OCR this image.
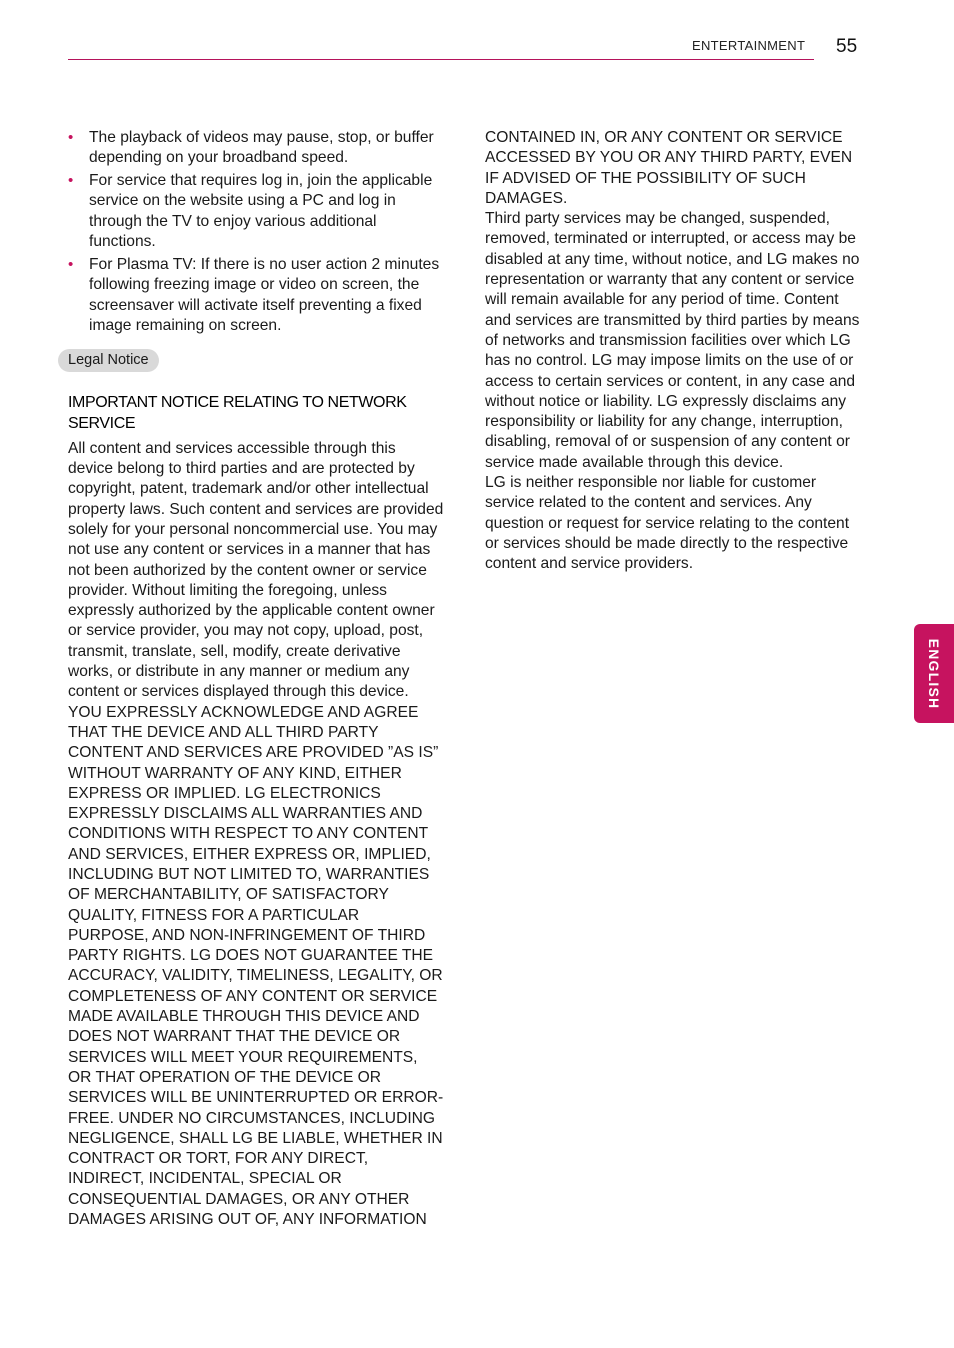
ENTERTAINMENT 55
• The playback of videos may pause, stop, or buffer depending on your broadband speed.
• For service that requires log in, join the applicable service on the website using a PC and log in through the TV to enjoy various additional functions.
• For Plasma TV: If there is no user action 2 minutes following freezing image or video on screen, the screensaver will activate itself preventing a fixed image remaining on screen.
Legal Notice
IMPORTANT NOTICE RELATING TO NETWORK SERVICE

All content and services accessible through this device belong to third parties and are protected by copyright, patent, trademark and/or other intellectual property laws. Such content and services are provided solely for your personal noncommercial use. You may not use any content or services in a manner that has not been authorized by the content owner or service provider. Without limiting the foregoing, unless expressly authorized by the applicable content owner or service provider, you may not copy, upload, post, transmit, translate, sell, modify, create derivative works, or distribute in any manner or medium any content or services displayed through this device.

YOU EXPRESSLY ACKNOWLEDGE AND AGREE THAT THE DEVICE AND ALL THIRD PARTY CONTENT AND SERVICES ARE PROVIDED ”AS IS” WITHOUT WARRANTY OF ANY KIND, EITHER EXPRESS OR IMPLIED. LG ELECTRONICS EXPRESSLY DISCLAIMS ALL WARRANTIES AND CONDITIONS WITH RESPECT TO ANY CONTENT AND SERVICES, EITHER EXPRESS OR, IMPLIED, INCLUDING BUT NOT LIMITED TO, WARRANTIES OF MERCHANTABILITY, OF SATISFACTORY QUALITY, FITNESS FOR A PARTICULAR PURPOSE, AND NON-INFRINGEMENT OF THIRD PARTY RIGHTS. LG DOES NOT GUARANTEE THE ACCURACY, VALIDITY, TIMELINESS, LEGALITY, OR COMPLETENESS OF ANY CONTENT OR SERVICE MADE AVAILABLE THROUGH THIS DEVICE AND DOES NOT WARRANT THAT THE DEVICE OR SERVICES WILL MEET YOUR REQUIREMENTS, OR THAT OPERATION OF THE DEVICE OR SERVICES WILL BE UNINTERRUPTED OR ERROR-FREE. UNDER NO CIRCUMSTANCES, INCLUDING NEGLIGENCE, SHALL LG BE LIABLE, WHETHER IN CONTRACT OR TORT, FOR ANY DIRECT, INDIRECT, INCIDENTAL, SPECIAL OR CONSEQUENTIAL DAMAGES, OR ANY OTHER DAMAGES ARISING OUT OF, ANY INFORMATION

CONTAINED IN, OR ANY CONTENT OR SERVICE ACCESSED BY YOU OR ANY THIRD PARTY, EVEN IF ADVISED OF THE POSSIBILITY OF SUCH DAMAGES.

Third party services may be changed, suspended, removed, terminated or interrupted, or access may be disabled at any time, without notice, and LG makes no representation or warranty that any content or service will remain available for any period of time. Content and services are transmitted by third parties by means of networks and transmission facilities over which LG has no control. LG may impose limits on the use of or access to certain services or content, in any case and without notice or liability. LG expressly disclaims any responsibility or liability for any change, interruption, disabling, removal of or suspension of any content or service made available through this device.

LG is neither responsible nor liable for customer service related to the content and services. Any question or request for service relating to the content or services should be made directly to the respective content and service providers.

ENGLISH
